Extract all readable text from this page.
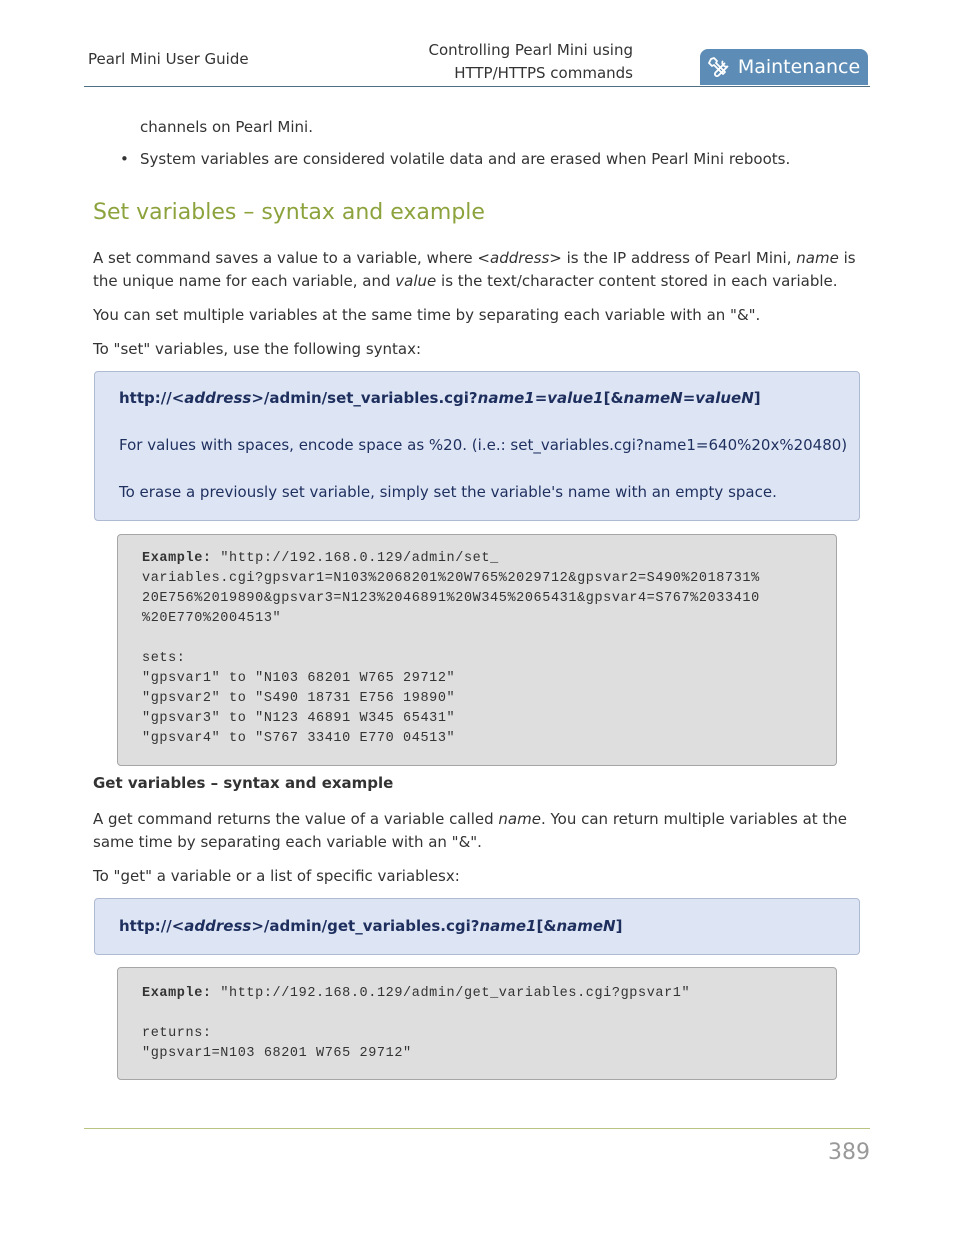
Pearl Mini User Guide	Controlling Pearl Mini using
HTTP/HTTPS commands	Maintenance
channels on Pearl Mini.
• System variables are considered volatile data and are erased when Pearl Mini reboots.
Set variables – syntax and example
A set command saves a value to a variable, where <address> is the IP address of Pearl Mini, name is the unique name for each variable, and value is the text/character content stored in each variable.
You can set multiple variables at the same time by separating each variable with an "&".
To "set" variables, use the following syntax:
http://<address>/admin/set_variables.cgi?name1=value1[&nameN=valueN]
For values with spaces, encode space as %20. (i.e.: set_variables.cgi?name1=640%20x%20480)
To erase a previously set variable, simply set the variable's name with an empty space.
Example: "http://192.168.0.129/admin/set_
variables.cgi?gpsvar1=N103%2068201%20W765%2029712&gpsvar2=S490%2018731%
20E756%2019890&gpsvar3=N123%2046891%20W345%2065431&gpsvar4=S767%2033410
%20E770%2004513"

sets:
"gpsvar1" to "N103 68201 W765 29712"
"gpsvar2" to "S490 18731 E756 19890"
"gpsvar3" to "N123 46891 W345 65431"
"gpsvar4" to "S767 33410 E770 04513"
Get variables – syntax and example
A get command returns the value of a variable called name. You can return multiple variables at the same time by separating each variable with an "&".
To "get" a variable or a list of specific variablesx:
http://<address>/admin/get_variables.cgi?name1[&nameN]
Example: "http://192.168.0.129/admin/get_variables.cgi?gpsvar1"

returns:
"gpsvar1=N103 68201 W765 29712"
389
